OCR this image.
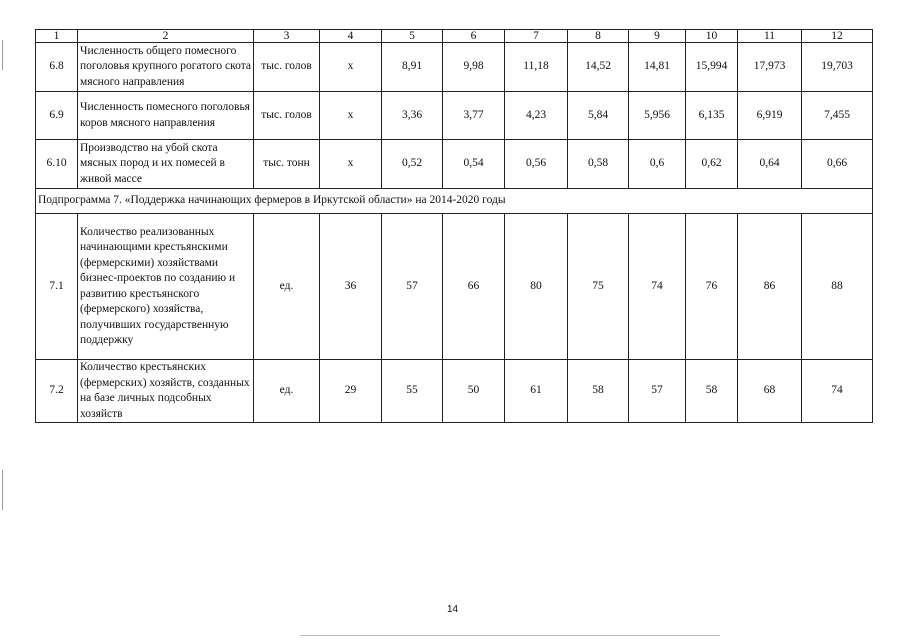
1	2	3	4	5	6	7	8	9	10	11	12
6.8	Численность общего помесного поголовья крупного рогатого скота мясного направления	тыс. голов	х	8,91	9,98	11,18	14,52	14,81	15,994	17,973	19,703
6.9	Численность помесного поголовья коров мясного направления	тыс. голов	х	3,36	3,77	4,23	5,84	5,956	6,135	6,919	7,455
6.10	Производство на убой скота мясных пород и их помесей в живой массе	тыс. тонн	х	0,52	0,54	0,56	0,58	0,6	0,62	0,64	0,66
Подпрограмма 7. «Поддержка начинающих фермеров в Иркутской области» на 2014-2020 годы											
7.1	Количество реализованных начинающими крестьянскими (фермерскими) хозяйствами бизнес-проектов по созданию и развитию крестьянского (фермерского) хозяйства, получивших государственную поддержку	ед.	36	57	66	80	75	74	76	86	88
7.2	Количество крестьянских (фермерских) хозяйств, созданных на базе личных подсобных хозяйств	ед.	29	55	50	61	58	57	58	68	74
14
